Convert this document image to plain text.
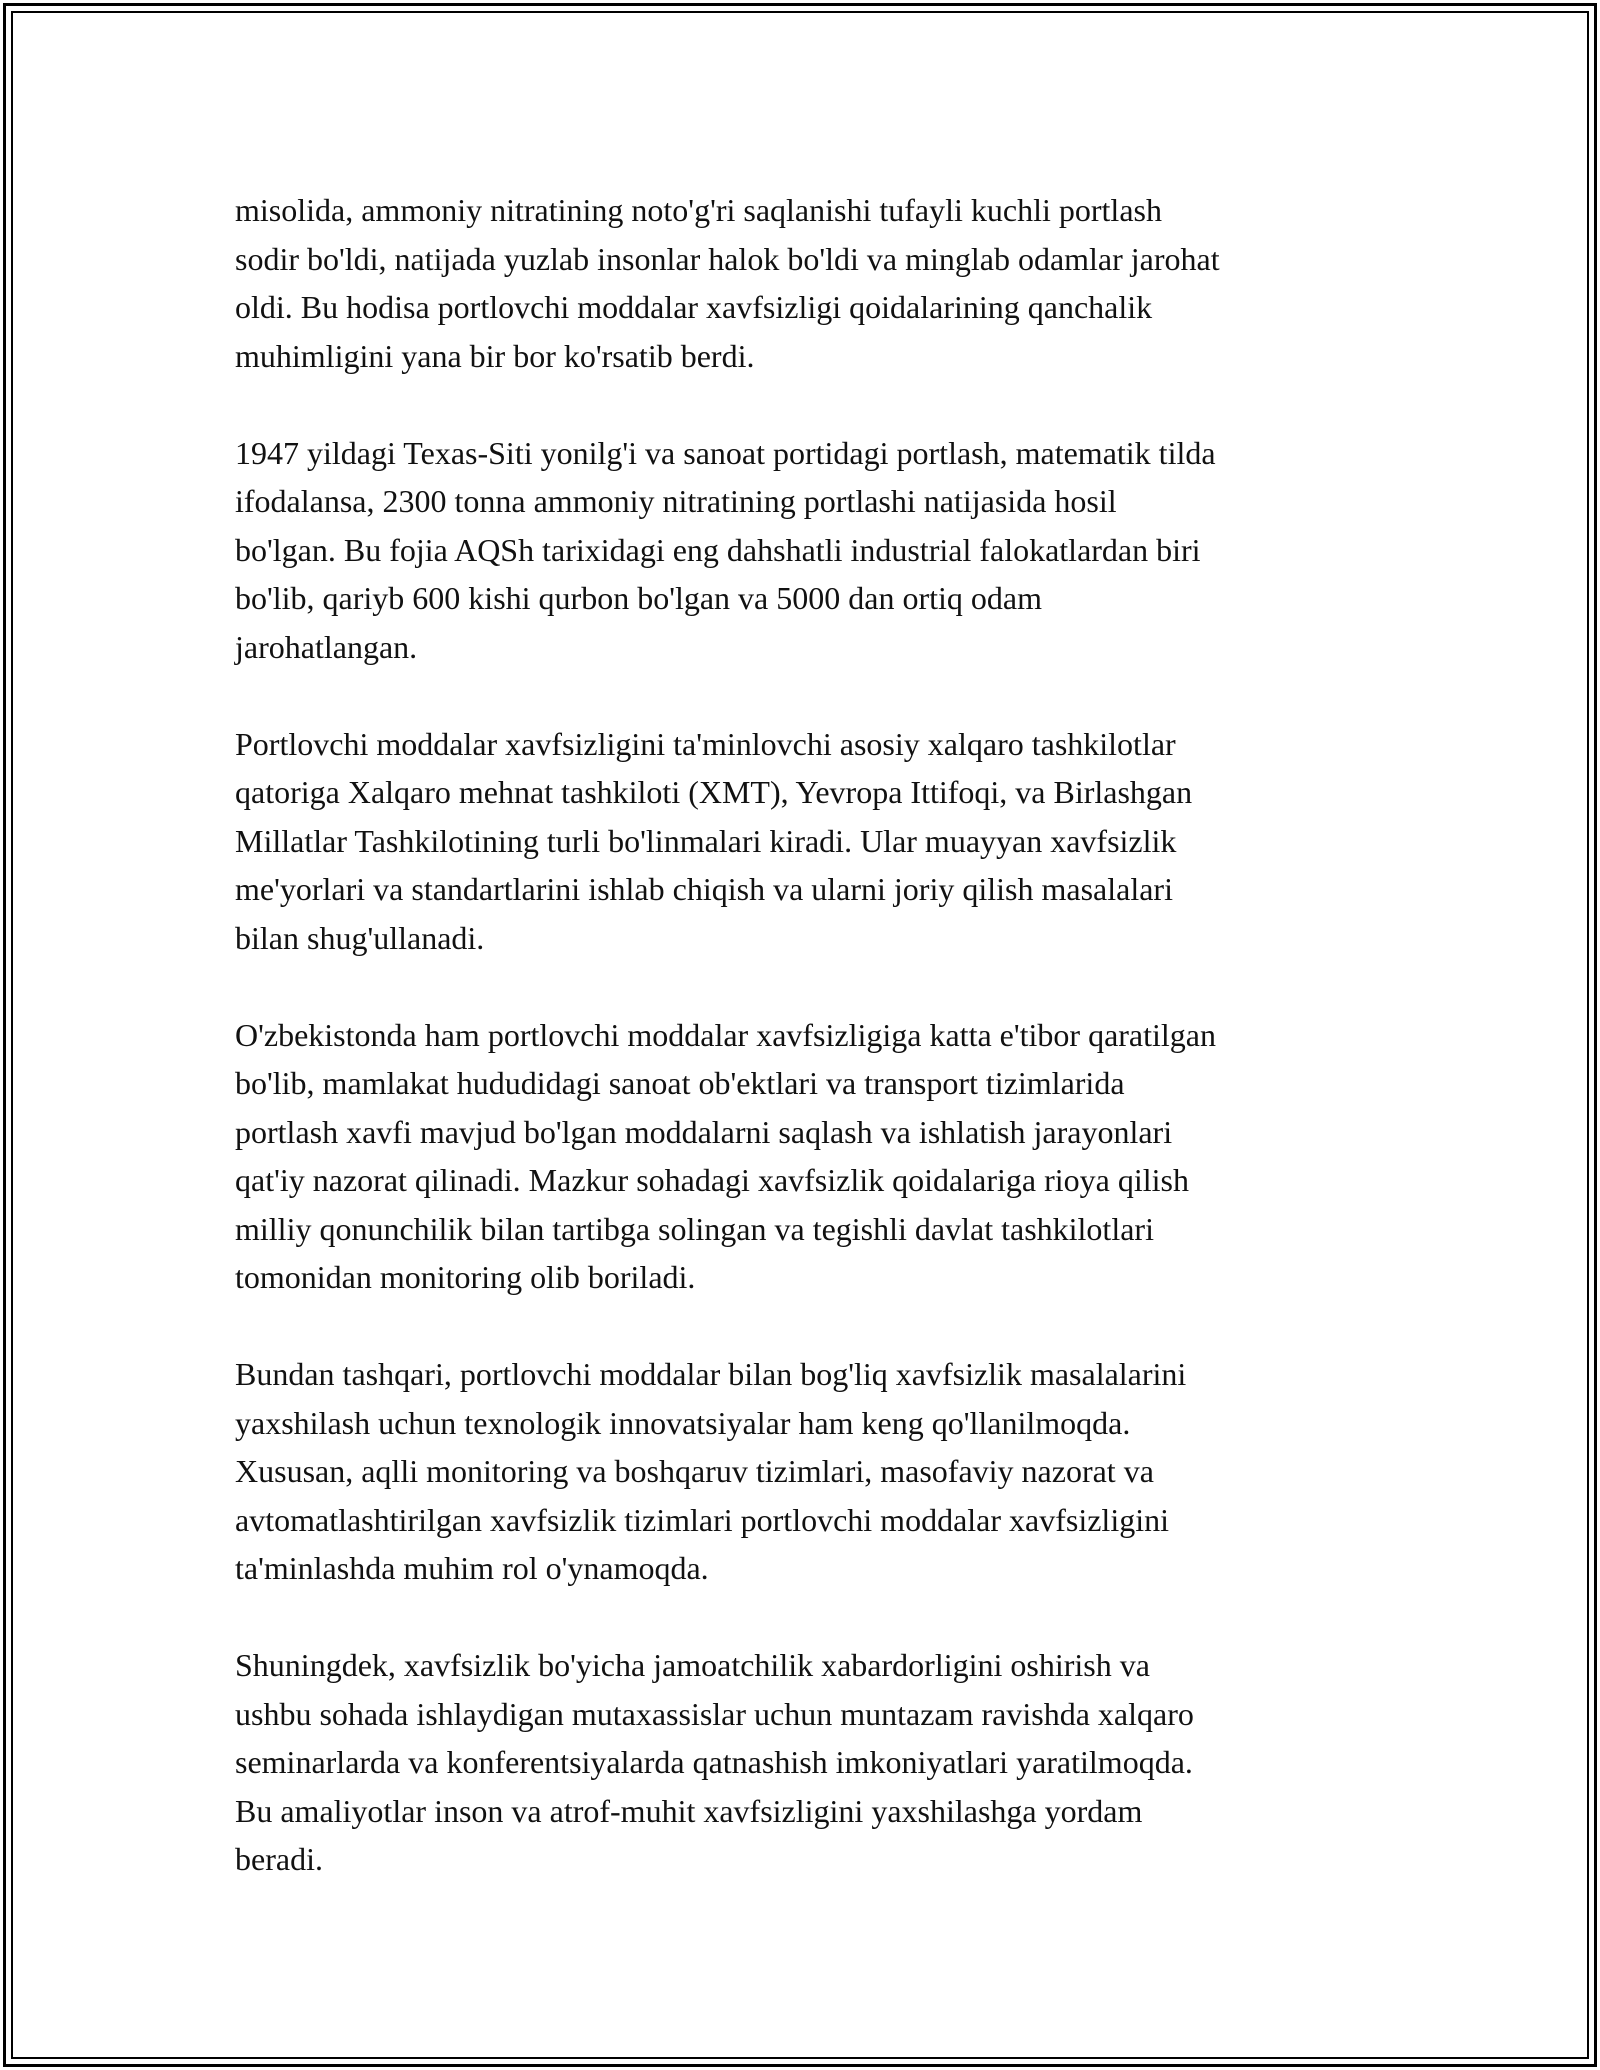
misolida, ammoniy nitratining noto'g'ri saqlanishi tufayli kuchli portlash
sodir bo'ldi, natijada yuzlab insonlar halok bo'ldi va minglab odamlar jarohat
oldi. Bu hodisa portlovchi moddalar xavfsizligi qoidalarining qanchalik
muhimligini yana bir bor ko'rsatib berdi.

1947 yildagi Texas-Siti yonilg'i va sanoat portidagi portlash, matematik tilda
ifodalansa, 2300 tonna ammoniy nitratining portlashi natijasida hosil
bo'lgan. Bu fojia AQSh tarixidagi eng dahshatli industrial falokatlardan biri
bo'lib, qariyb 600 kishi qurbon bo'lgan va 5000 dan ortiq odam
jarohatlangan.

Portlovchi moddalar xavfsizligini ta'minlovchi asosiy xalqaro tashkilotlar
qatoriga Xalqaro mehnat tashkiloti (XMT), Yevropa Ittifoqi, va Birlashgan
Millatlar Tashkilotining turli bo'linmalari kiradi. Ular muayyan xavfsizlik
me'yorlari va standartlarini ishlab chiqish va ularni joriy qilish masalalari
bilan shug'ullanadi.

O'zbekistonda ham portlovchi moddalar xavfsizligiga katta e'tibor qaratilgan
bo'lib, mamlakat hududidagi sanoat ob'ektlari va transport tizimlarida
portlash xavfi mavjud bo'lgan moddalarni saqlash va ishlatish jarayonlari
qat'iy nazorat qilinadi. Mazkur sohadagi xavfsizlik qoidalariga rioya qilish
milliy qonunchilik bilan tartibga solingan va tegishli davlat tashkilotlari
tomonidan monitoring olib boriladi.

Bundan tashqari, portlovchi moddalar bilan bog'liq xavfsizlik masalalarini
yaxshilash uchun texnologik innovatsiyalar ham keng qo'llanilmoqda.
Xususan, aqlli monitoring va boshqaruv tizimlari, masofaviy nazorat va
avtomatlashtirilgan xavfsizlik tizimlari portlovchi moddalar xavfsizligini
ta'minlashda muhim rol o'ynamoqda.

Shuningdek, xavfsizlik bo'yicha jamoatchilik xabardorligini oshirish va
ushbu sohada ishlaydigan mutaxassislar uchun muntazam ravishda xalqaro
seminarlarda va konferentsiyalarda qatnashish imkoniyatlari yaratilmoqda.
Bu amaliyotlar inson va atrof-muhit xavfsizligini yaxshilashga yordam
beradi.
